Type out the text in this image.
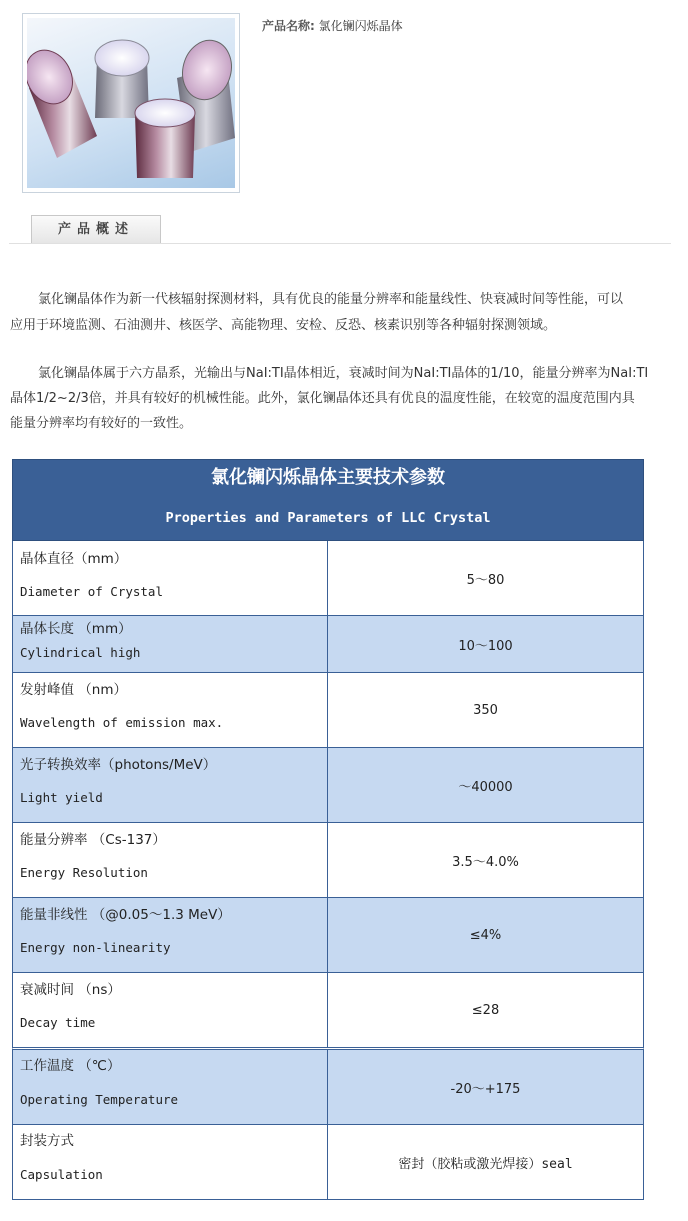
产品名称: 氯化镧闪烁晶体
产品概述

氯化镧晶体作为新一代核辐射探测材料，具有优良的能量分辨率和能量线性、快衰减时间等性能，可以

应用于环境监测、石油测井、核医学、高能物理、安检、反恐、核素识别等各种辐射探测领域。

氯化镧晶体属于六方晶系，光输出与NaI:TI晶体相近，衰减时间为NaI:TI晶体的1/10，能量分辨率为NaI:TI

晶体1/2~2/3倍，并具有较好的机械性能。此外，氯化镧晶体还具有优良的温度性能，在较宽的温度范围内具

能量分辨率均有较好的一致性。

氯化镧闪烁晶体主要技术参数
Properties and Parameters of LLC Crystal
晶体直径（mm）
Diameter of Crystal
5～80
晶体长度 （mm）
Cylindrical high	10～100
发射峰值 （nm）
Wavelength of emission max.
350
光子转换效率（photons/MeV）
Light yield
～40000
能量分辨率 （Cs-137）
Energy Resolution
3.5～4.0%
能量非线性 （@0.05～1.3 MeV）
Energy non-linearity
≤4%
衰减时间 （ns）
Decay time
≤28
工作温度 （℃）
Operating Temperature
-20～+175
封装方式
Capsulation
密封（胶粘或激光焊接）seal
